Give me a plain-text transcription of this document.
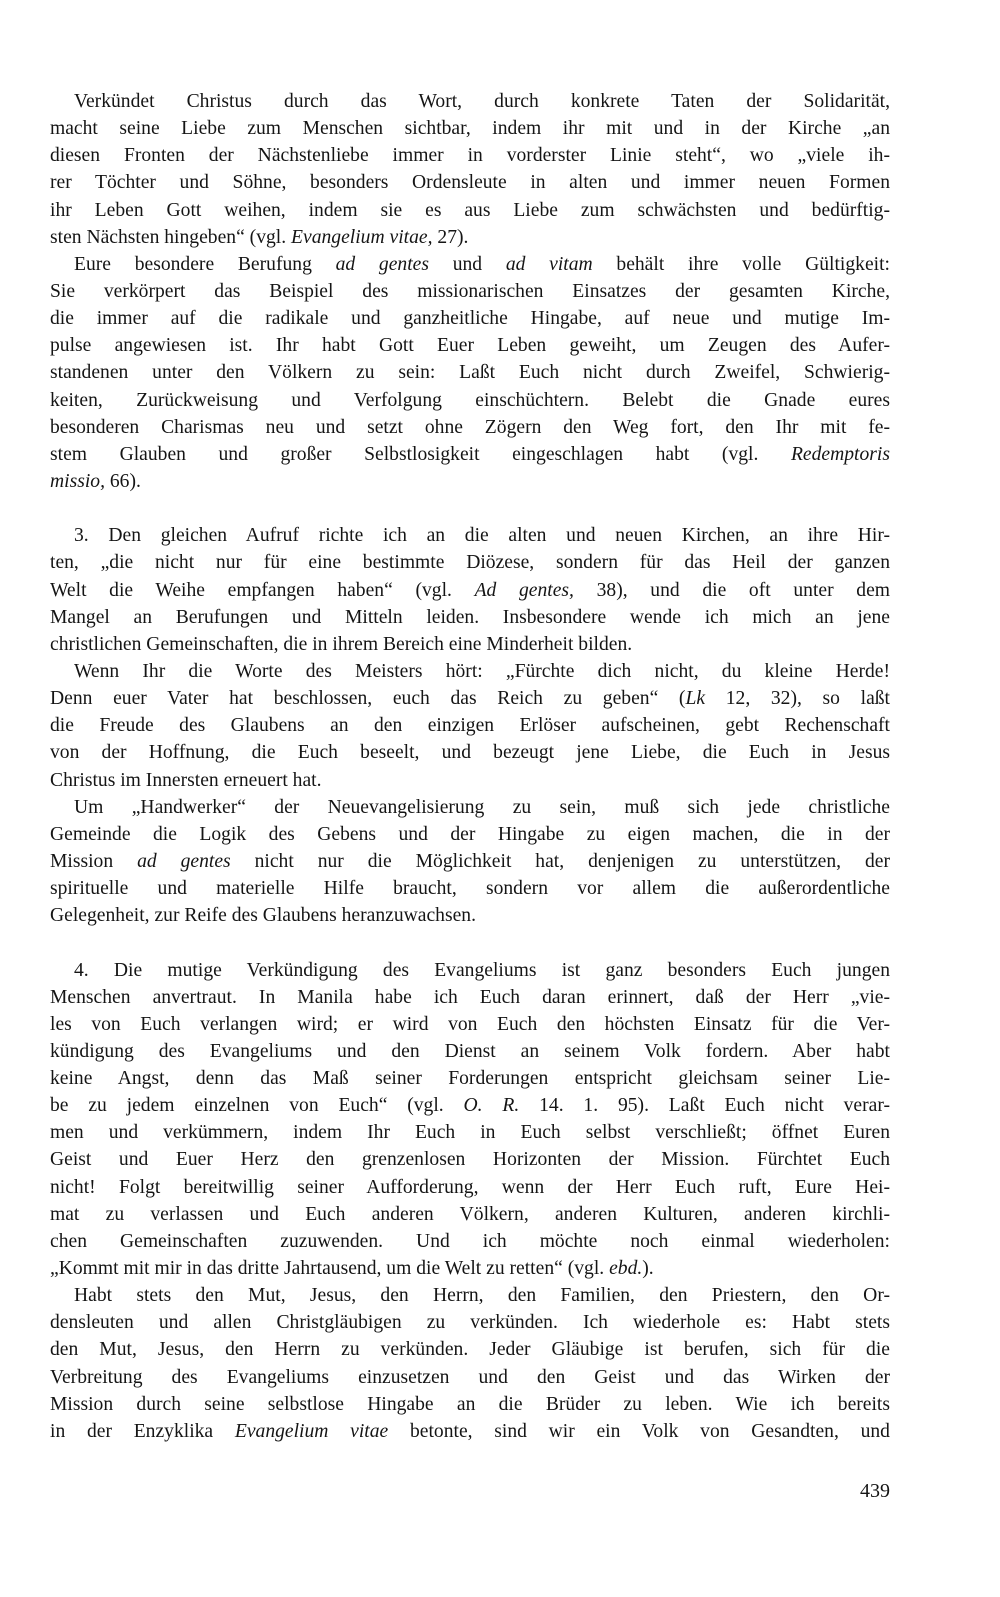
Verkündet Christus durch das Wort, durch konkrete Taten der Solidarität,
macht seine Liebe zum Menschen sichtbar, indem ihr mit und in der Kirche „an
diesen Fronten der Nächstenliebe immer in vorderster Linie steht“, wo „viele ih-
rer Töchter und Söhne, besonders Ordensleute in alten und immer neuen Formen
ihr Leben Gott weihen, indem sie es aus Liebe zum schwächsten und bedürftig-
sten Nächsten hingeben“ (vgl. Evangelium vitae, 27).
Eure besondere Berufung ad gentes und ad vitam behält ihre volle Gültigkeit:
Sie verkörpert das Beispiel des missionarischen Einsatzes der gesamten Kirche,
die immer auf die radikale und ganzheitliche Hingabe, auf neue und mutige Im-
pulse angewiesen ist. Ihr habt Gott Euer Leben geweiht, um Zeugen des Aufer-
standenen unter den Völkern zu sein: Laßt Euch nicht durch Zweifel, Schwierig-
keiten, Zurückweisung und Verfolgung einschüchtern. Belebt die Gnade eures
besonderen Charismas neu und setzt ohne Zögern den Weg fort, den Ihr mit fe-
stem Glauben und großer Selbstlosigkeit eingeschlagen habt (vgl. Redemptoris
missio, 66).
3. Den gleichen Aufruf richte ich an die alten und neuen Kirchen, an ihre Hir-
ten, „die nicht nur für eine bestimmte Diözese, sondern für das Heil der ganzen
Welt die Weihe empfangen haben“ (vgl. Ad gentes, 38), und die oft unter dem
Mangel an Berufungen und Mitteln leiden. Insbesondere wende ich mich an jene
christlichen Gemeinschaften, die in ihrem Bereich eine Minderheit bilden.
Wenn Ihr die Worte des Meisters hört: „Fürchte dich nicht, du kleine Herde!
Denn euer Vater hat beschlossen, euch das Reich zu geben“ (Lk 12, 32), so laßt
die Freude des Glaubens an den einzigen Erlöser aufscheinen, gebt Rechenschaft
von der Hoffnung, die Euch beseelt, und bezeugt jene Liebe, die Euch in Jesus
Christus im Innersten erneuert hat.
Um „Handwerker“ der Neuevangelisierung zu sein, muß sich jede christliche
Gemeinde die Logik des Gebens und der Hingabe zu eigen machen, die in der
Mission ad gentes nicht nur die Möglichkeit hat, denjenigen zu unterstützen, der
spirituelle und materielle Hilfe braucht, sondern vor allem die außerordentliche
Gelegenheit, zur Reife des Glaubens heranzuwachsen.
4. Die mutige Verkündigung des Evangeliums ist ganz besonders Euch jungen
Menschen anvertraut. In Manila habe ich Euch daran erinnert, daß der Herr „vie-
les von Euch verlangen wird; er wird von Euch den höchsten Einsatz für die Ver-
kündigung des Evangeliums und den Dienst an seinem Volk fordern. Aber habt
keine Angst, denn das Maß seiner Forderungen entspricht gleichsam seiner Lie-
be zu jedem einzelnen von Euch“ (vgl. O. R. 14. 1. 95). Laßt Euch nicht verar-
men und verkümmern, indem Ihr Euch in Euch selbst verschließt; öffnet Euren
Geist und Euer Herz den grenzenlosen Horizonten der Mission. Fürchtet Euch
nicht! Folgt bereitwillig seiner Aufforderung, wenn der Herr Euch ruft, Eure Hei-
mat zu verlassen und Euch anderen Völkern, anderen Kulturen, anderen kirchli-
chen Gemeinschaften zuzuwenden. Und ich möchte noch einmal wiederholen:
„Kommt mit mir in das dritte Jahrtausend, um die Welt zu retten“ (vgl. ebd.).
Habt stets den Mut, Jesus, den Herrn, den Familien, den Priestern, den Or-
densleuten und allen Christgläubigen zu verkünden. Ich wiederhole es: Habt stets
den Mut, Jesus, den Herrn zu verkünden. Jeder Gläubige ist berufen, sich für die
Verbreitung des Evangeliums einzusetzen und den Geist und das Wirken der
Mission durch seine selbstlose Hingabe an die Brüder zu leben. Wie ich bereits
in der Enzyklika Evangelium vitae betonte, sind wir ein Volk von Gesandten, und
439
